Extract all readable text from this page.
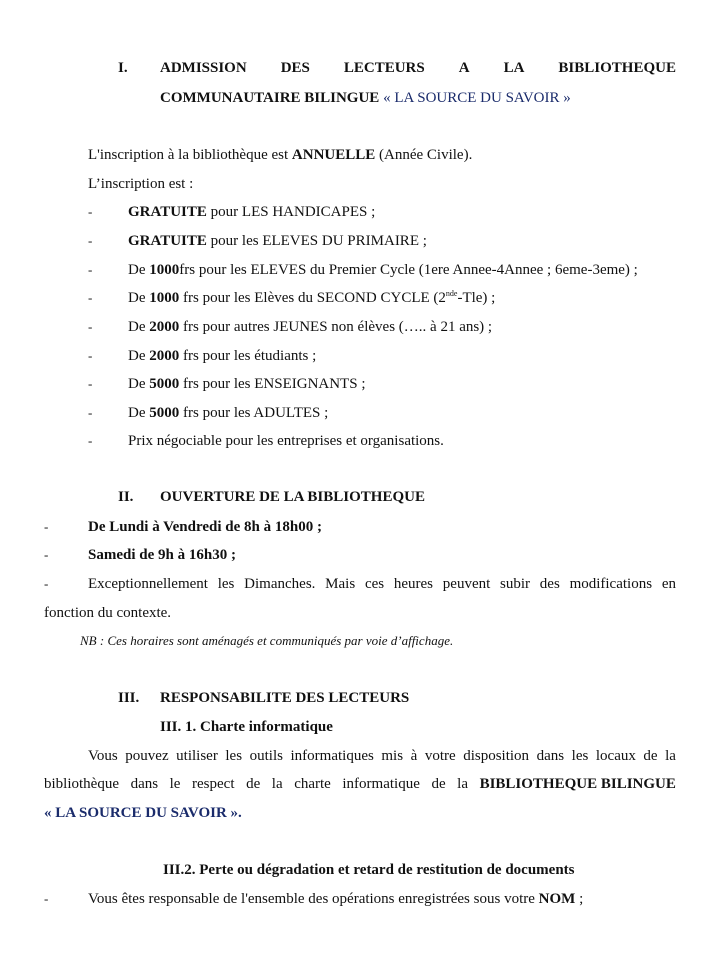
I. ADMISSION DES LECTEURS A LA BIBLIOTHEQUE
COMMUNAUTAIRE BILINGUE « LA SOURCE DU SAVOIR »
L'inscription à la bibliothèque est ANNUELLE (Année Civile).
L’inscription est :
- GRATUITE pour LES HANDICAPES ;
- GRATUITE pour les ELEVES DU PRIMAIRE ;
- De 1000frs pour les ELEVES du Premier Cycle (1ere Annee-4Annee ; 6eme-3eme) ;
- De 1000 frs pour les Elèves du SECOND CYCLE (2nde-Tle) ;
- De 2000 frs pour autres JEUNES non élèves (….. à 21 ans) ;
- De 2000 frs pour les étudiants ;
- De 5000 frs pour les ENSEIGNANTS ;
- De 5000 frs pour les ADULTES ;
- Prix négociable pour les entreprises et organisations.
II. OUVERTURE DE LA BIBLIOTHEQUE
-	De Lundi à Vendredi de 8h à 18h00 ;
-	Samedi de 9h à 16h30 ;
-	Exceptionnellement les Dimanches. Mais ces heures peuvent subir des modifications en
fonction du contexte.
NB : Ces horaires sont aménagés et communiqués par voie d’affichage.
III. RESPONSABILITE DES LECTEURS
III. 1. Charte informatique
Vous pouvez utiliser les outils informatiques mis à votre disposition dans les locaux de la
bibliothèque dans le respect de la charte informatique de la BIBLIOTHEQUE BILINGUE
« LA SOURCE DU SAVOIR ».
III.2. Perte ou dégradation et retard de restitution de documents
-	Vous êtes responsable de l'ensemble des opérations enregistrées sous votre NOM ;
